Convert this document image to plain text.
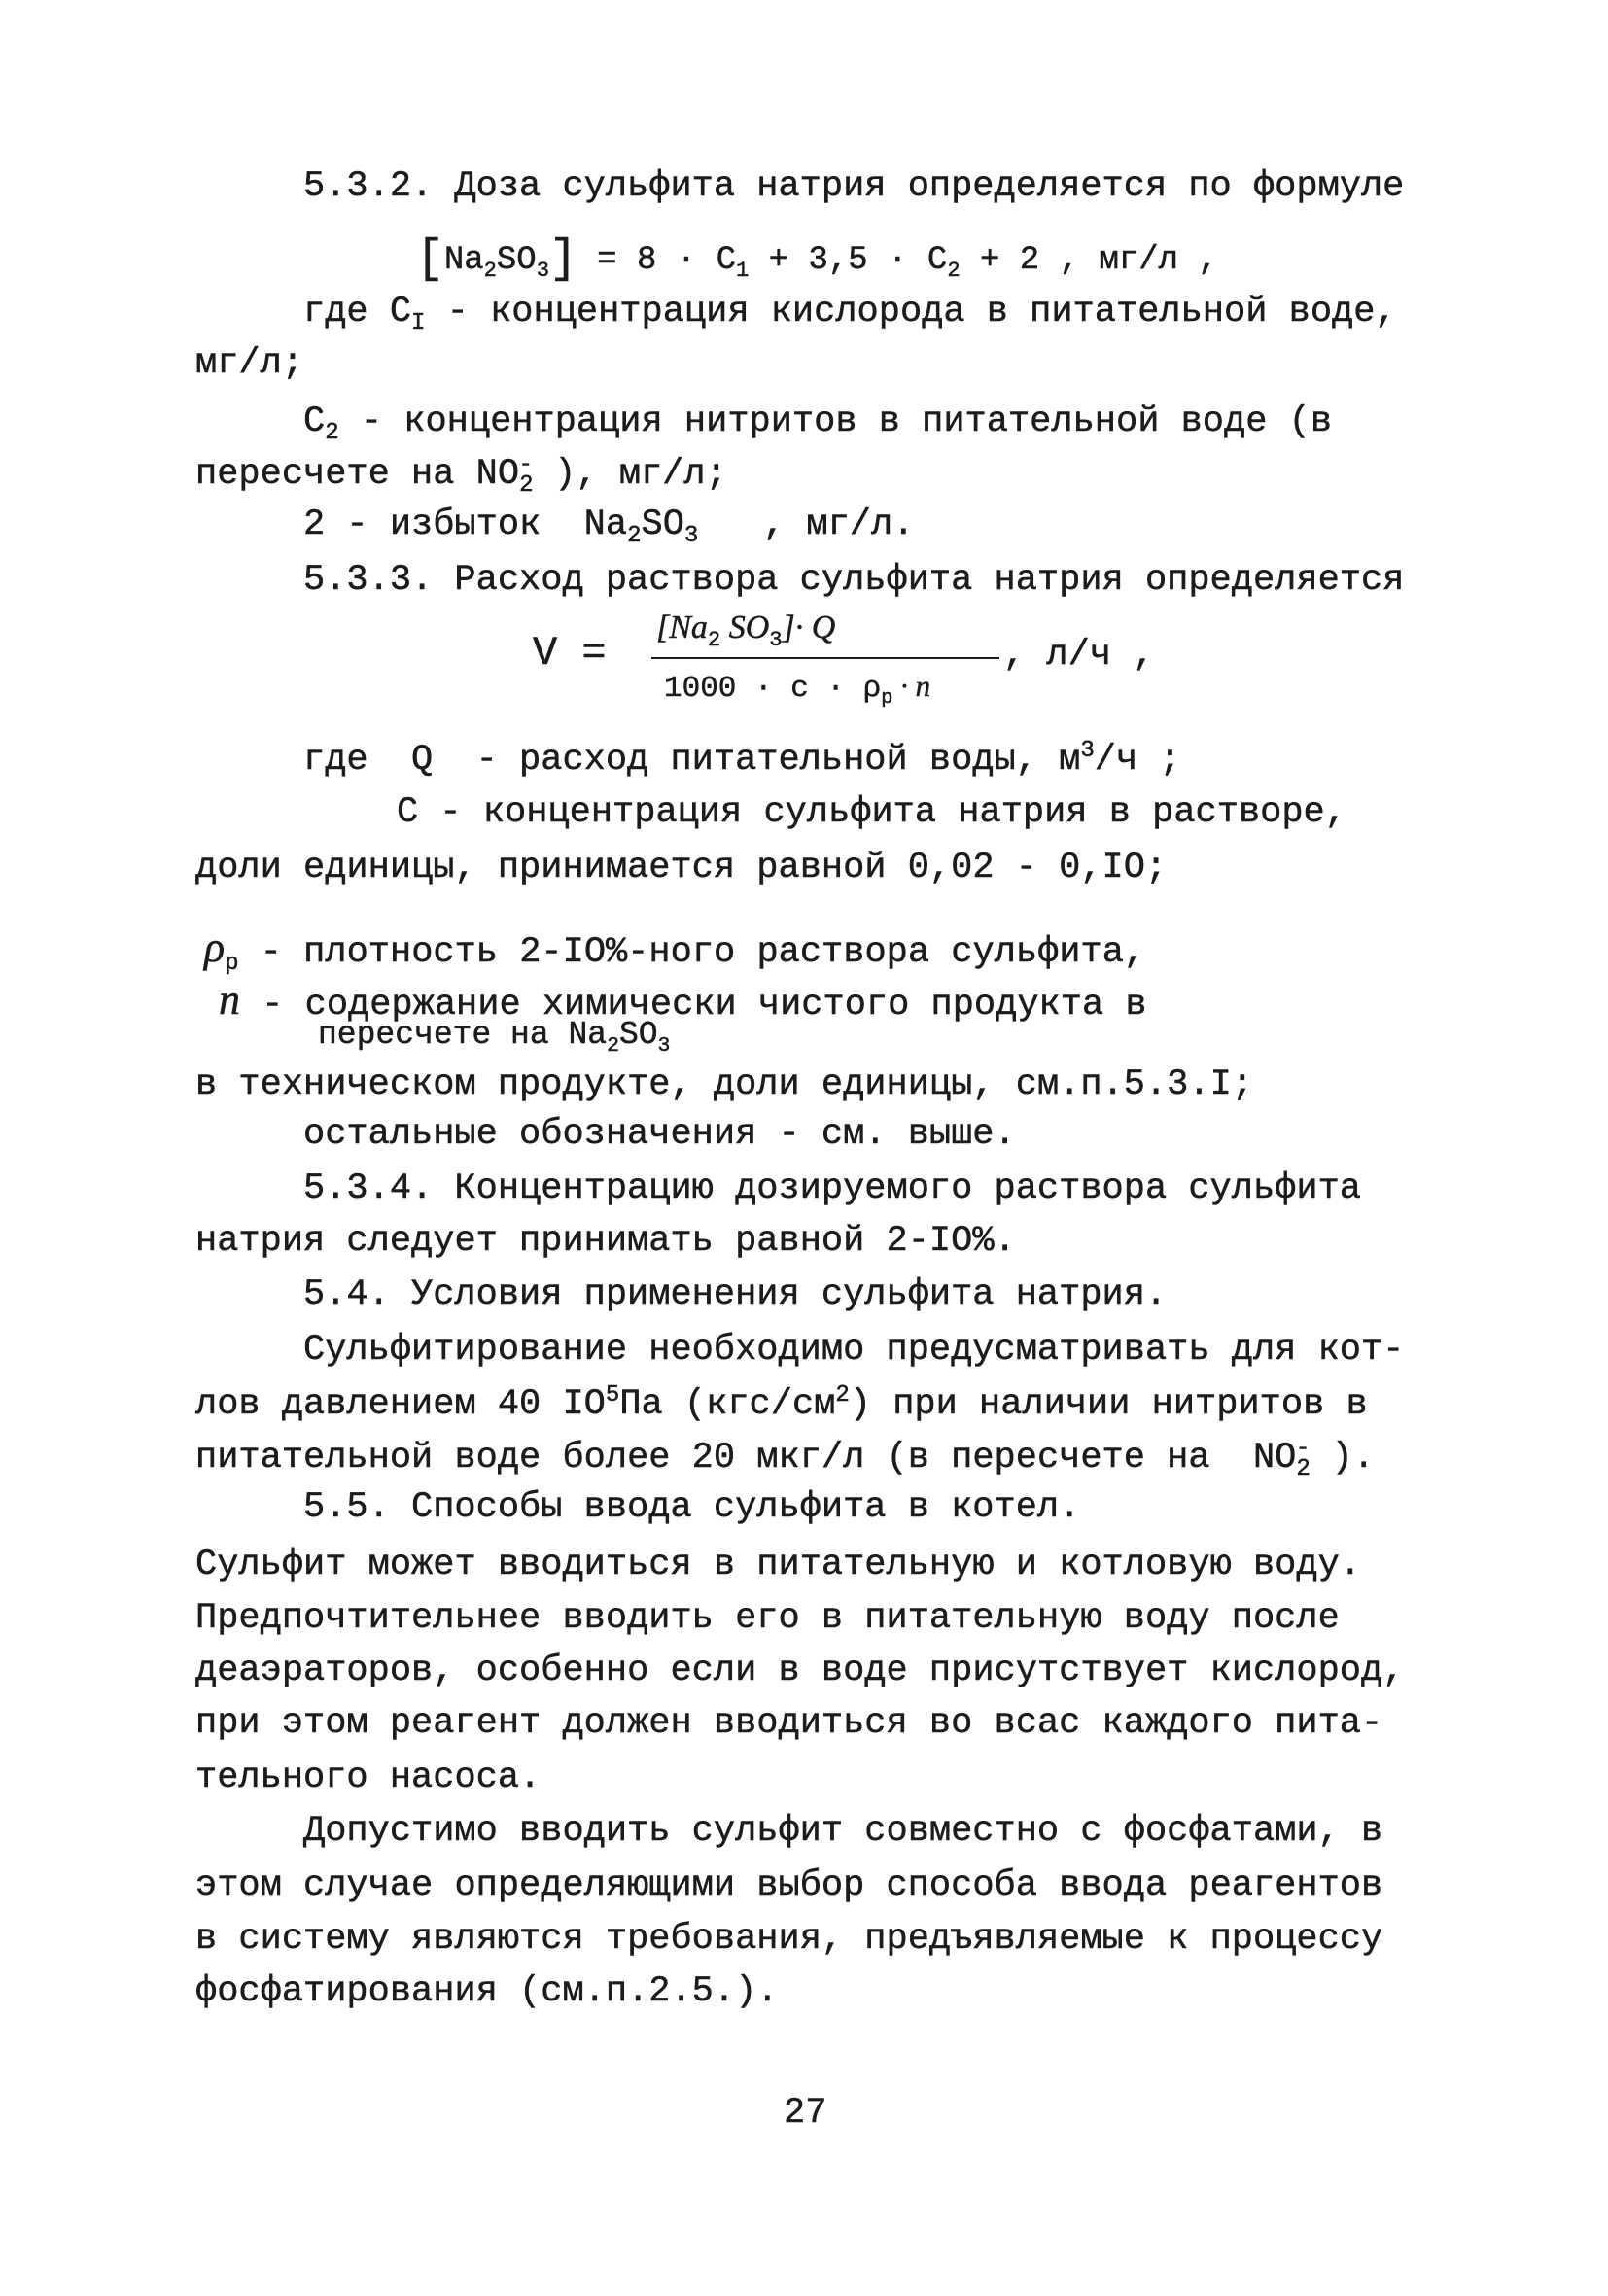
5.3.2. Доза сульфита натрия определяется по формуле
$[Na_2SO_3] = 8 \cdot C_1 + 3,5 \cdot C_2 + 2$ , мг/л ,
где $C_I$ - концентрация кислорода в питательной воде,
мг/л;
$C_2$ - концентрация нитритов в питательной воде (в
пересчете на $NO_2^-$ ), мг/л;
2 - избыток  $Na_2SO_3$   , мг/л.
5.3.3. Расход раствора сульфита натрия определяется
V =
[$Na_2$ $SO_3]\cdot Q$
$1000 \cdot c \cdot \rho_р \cdot n$
, л/ч ,
где  Q  - расход питательной воды, $м^3/ч$ ;
С - концентрация сульфита натрия в растворе,
доли единицы, принимается равной 0,02 - 0,IO;
$\rho_р$ - плотность 2-IO%-ного раствора сульфита,
n - содержание химически чистого продукта в
пересчете на $Na_2SO_3$
в техническом продукте, доли единицы, см.п.5.3.I;
остальные обозначения - см. выше.
5.3.4. Концентрацию дозируемого раствора сульфита
натрия следует принимать равной 2-IO%.
5.4. Условия применения сульфита натрия.
Сульфитирование необходимо предусматривать для кот-
лов давлением 40 $IO^5Па$ $(кгс/см^2)$ при наличии нитритов в
питательной воде более 20 мкг/л (в пересчете на  $NO_2^-$ ).
5.5. Способы ввода сульфита в котел.
Сульфит может вводиться в питательную и котловую воду.
Предпочтительнее вводить его в питательную воду после
деаэраторов, особенно если в воде присутствует кислород,
при этом реагент должен вводиться во всас каждого пита-
тельного насоса.
Допустимо вводить сульфит совместно с фосфатами, в
этом случае определяющими выбор способа ввода реагентов
в систему являются требования, предъявляемые к процессу
фосфатирования (см.п.2.5.).
27
